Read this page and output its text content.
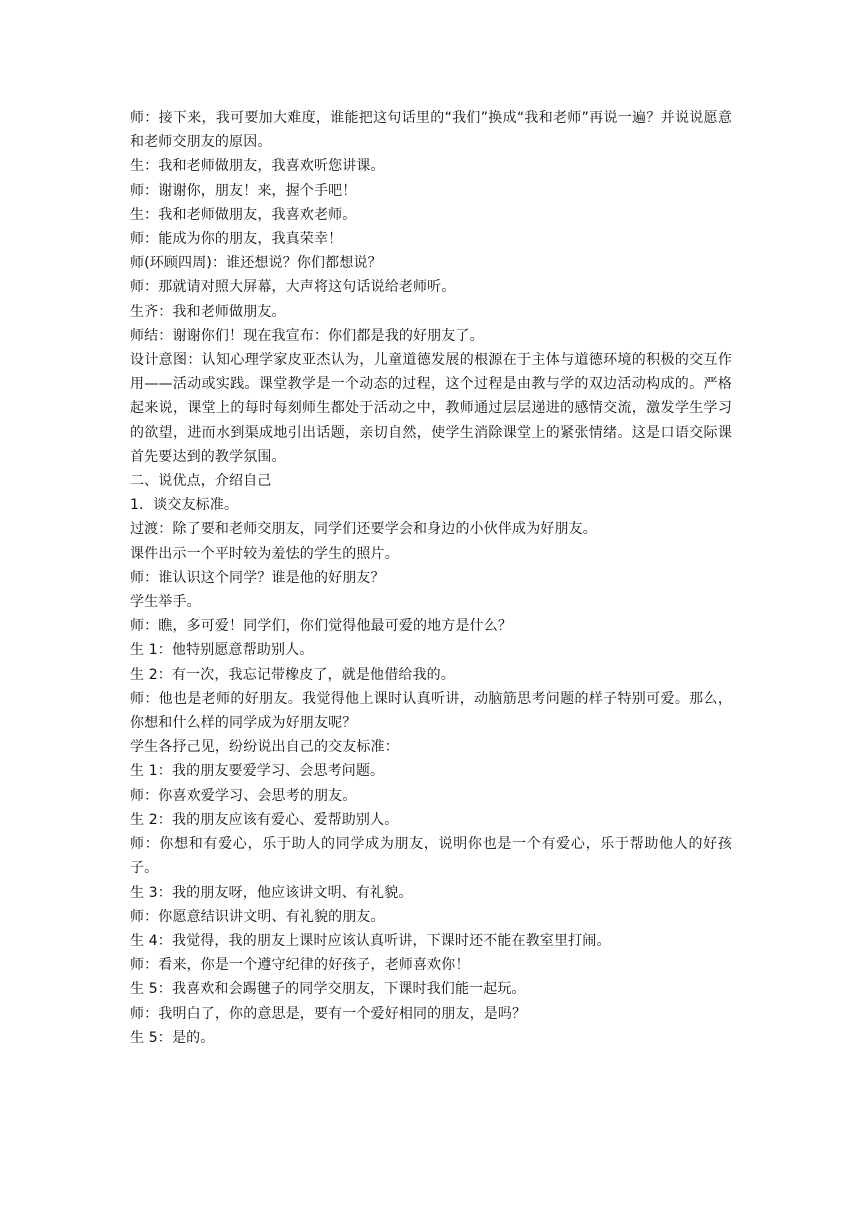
师：接下来，我可要加大难度，谁能把这句话里的“我们”换成“我和老师”再说一遍？并说说愿意和老师交朋友的原因。

生：我和老师做朋友，我喜欢听您讲课。

师：谢谢你，朋友！来，握个手吧！

生：我和老师做朋友，我喜欢老师。

师：能成为你的朋友，我真荣幸！

师(环顾四周)：谁还想说？你们都想说？

师：那就请对照大屏幕，大声将这句话说给老师听。

生齐：我和老师做朋友。

师结：谢谢你们！现在我宣布：你们都是我的好朋友了。

设计意图：认知心理学家皮亚杰认为，儿童道德发展的根源在于主体与道德环境的积极的交互作用——活动或实践。课堂教学是一个动态的过程，这个过程是由教与学的双边活动构成的。严格起来说，课堂上的每时每刻师生都处于活动之中，教师通过层层递进的感情交流，激发学生学习的欲望，进而水到渠成地引出话题，亲切自然，使学生消除课堂上的紧张情绪。这是口语交际课首先要达到的教学氛围。

二、说优点，介绍自己

1．谈交友标准。

过渡：除了要和老师交朋友，同学们还要学会和身边的小伙伴成为好朋友。

课件出示一个平时较为羞怯的学生的照片。

师：谁认识这个同学？谁是他的好朋友？

学生举手。

师：瞧，多可爱！同学们，你们觉得他最可爱的地方是什么？

生 1：他特别愿意帮助别人。

生 2：有一次，我忘记带橡皮了，就是他借给我的。

师：他也是老师的好朋友。我觉得他上课时认真听讲，动脑筋思考问题的样子特别可爱。那么，你想和什么样的同学成为好朋友呢？

学生各抒己见，纷纷说出自己的交友标准：

生 1：我的朋友要爱学习、会思考问题。

师：你喜欢爱学习、会思考的朋友。

生 2：我的朋友应该有爱心、爱帮助别人。

师：你想和有爱心，乐于助人的同学成为朋友，说明你也是一个有爱心，乐于帮助他人的好孩子。

生 3：我的朋友呀，他应该讲文明、有礼貌。

师：你愿意结识讲文明、有礼貌的朋友。

生 4：我觉得，我的朋友上课时应该认真听讲，下课时还不能在教室里打闹。

师：看来，你是一个遵守纪律的好孩子，老师喜欢你！

生 5：我喜欢和会踢毽子的同学交朋友，下课时我们能一起玩。

师：我明白了，你的意思是，要有一个爱好相同的朋友，是吗？

生 5：是的。
